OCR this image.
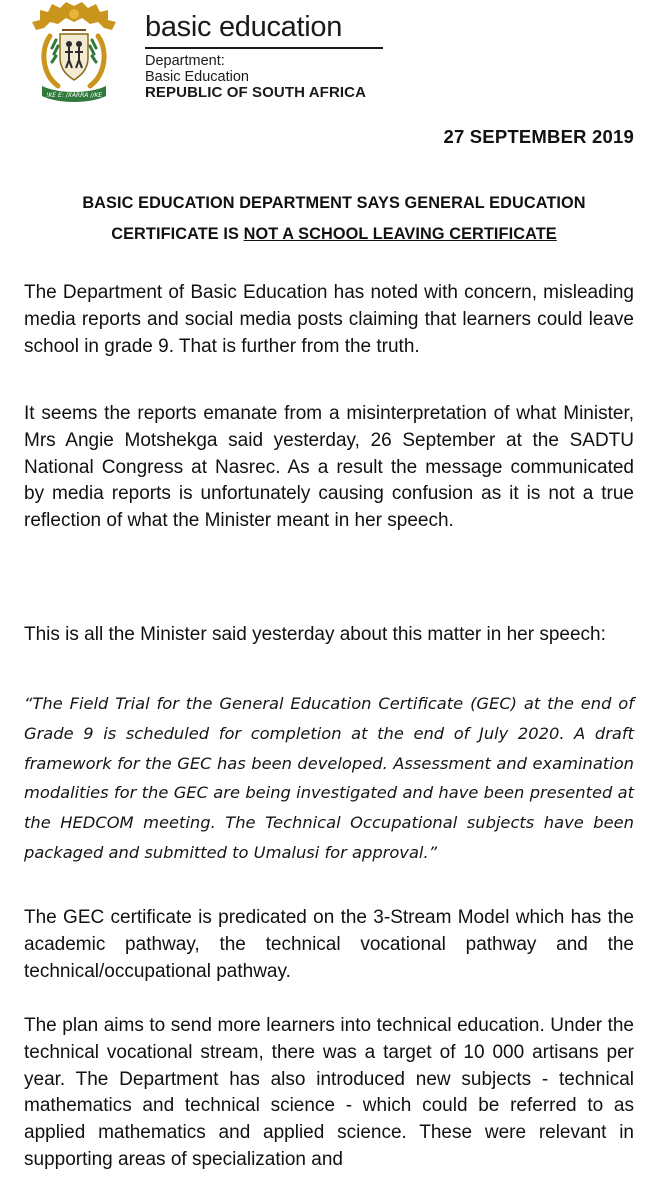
!KE E: /XARRA //KE
basic education
Department:
Basic Education
REPUBLIC OF SOUTH AFRICA
27 SEPTEMBER 2019
BASIC EDUCATION DEPARTMENT SAYS GENERAL EDUCATION
CERTIFICATE IS NOT A SCHOOL LEAVING CERTIFICATE

The Department of Basic Education has noted with concern, misleading media reports and social media posts claiming that learners could leave school in grade 9. That is further from the truth.

It seems the reports emanate from a misinterpretation of what Minister, Mrs Angie Motshekga said yesterday, 26 September at the SADTU National Congress at Nasrec. As a result the message communicated by media reports is unfortunately causing confusion as it is not a true reflection of what the Minister meant in her speech.

This is all the Minister said yesterday about this matter in her speech:

“The Field Trial for the General Education Certificate (GEC) at the end of Grade 9 is scheduled for completion at the end of July 2020. A draft framework for the GEC has been developed. Assessment and examination modalities for the GEC are being investigated and have been presented at the HEDCOM meeting. The Technical Occupational subjects have been packaged and submitted to Umalusi for approval.”

The GEC certificate is predicated on the 3-Stream Model which has the academic pathway, the technical vocational pathway and the technical/occupational pathway.

The plan aims to send more learners into technical education. Under the technical vocational stream, there was a target of 10 000 artisans per year. The Department has also introduced new subjects - technical mathematics and technical science - which could be referred to as applied mathematics and applied science. These were relevant in supporting areas of specialization and
